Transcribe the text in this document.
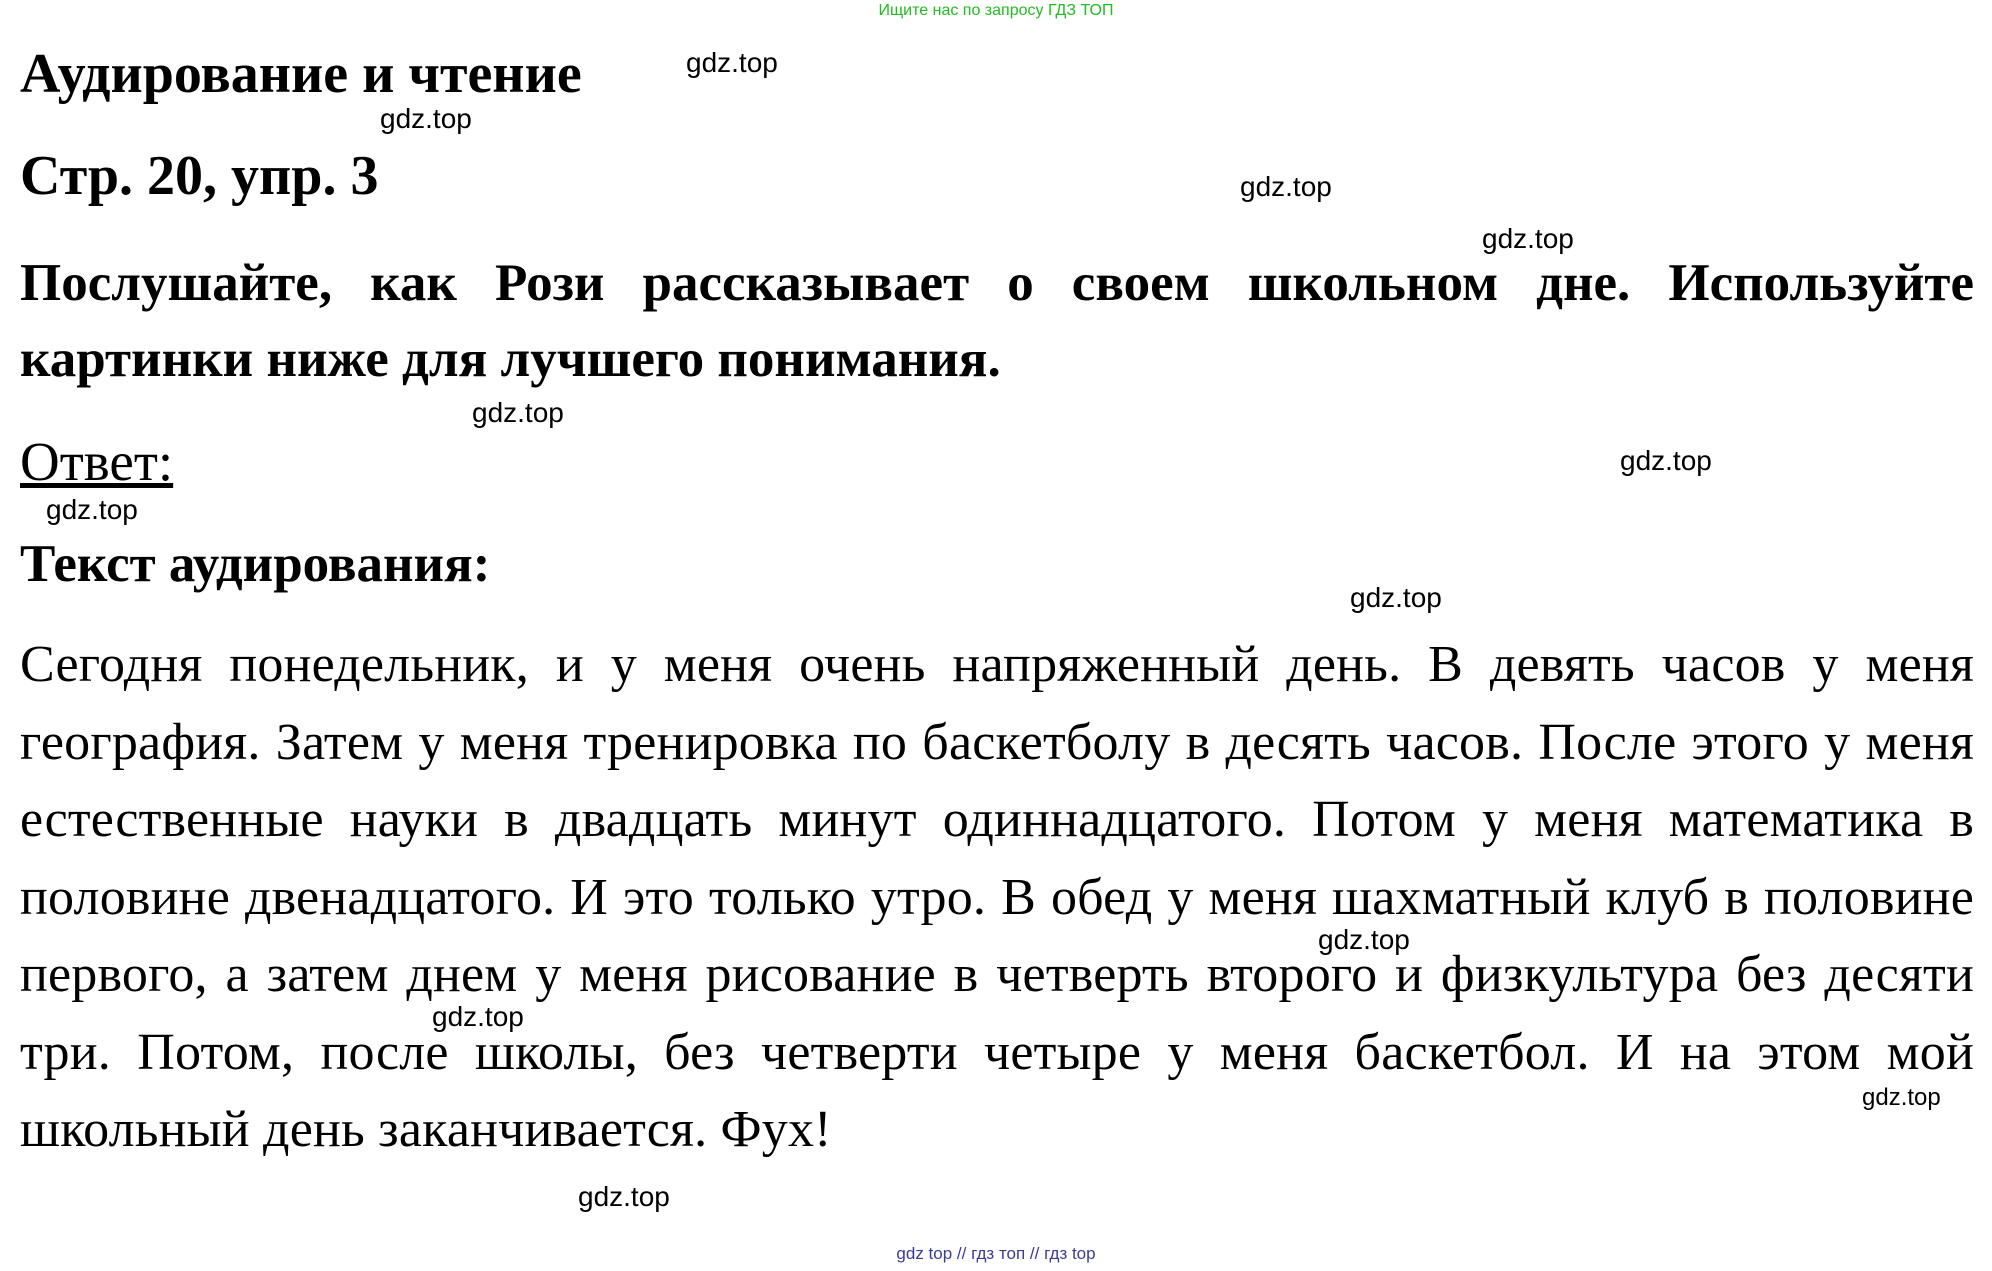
Ищите нас по запросу ГДЗ ТОП
Аудирование и чтение
Стр. 20, упр. 3
Послушайте, как Рози рассказывает о своем школьном дне. Используйте картинки ниже для лучшего понимания.
Ответ:
Текст аудирования:
Сегодня понедельник, и у меня очень напряженный день. В девять часов у меня география. Затем у меня тренировка по баскетболу в десять часов. После этого у меня естественные науки в двадцать минут одиннадцатого. Потом у меня математика в половине двенадцатого. И это только утро. В обед у меня шахматный клуб в половине первого, а затем днем у меня рисование в четверть второго и физкультура без десяти три. Потом, после школы, без четверти четыре у меня баскетбол. И на этом мой школьный день заканчивается. Фух!
gdz.top
gdz.top
gdz.top
gdz.top
gdz.top
gdz.top
gdz.top
gdz.top
gdz.top
gdz.top
gdz.top
gdz.top
gdz top // гдз топ // гдз top
